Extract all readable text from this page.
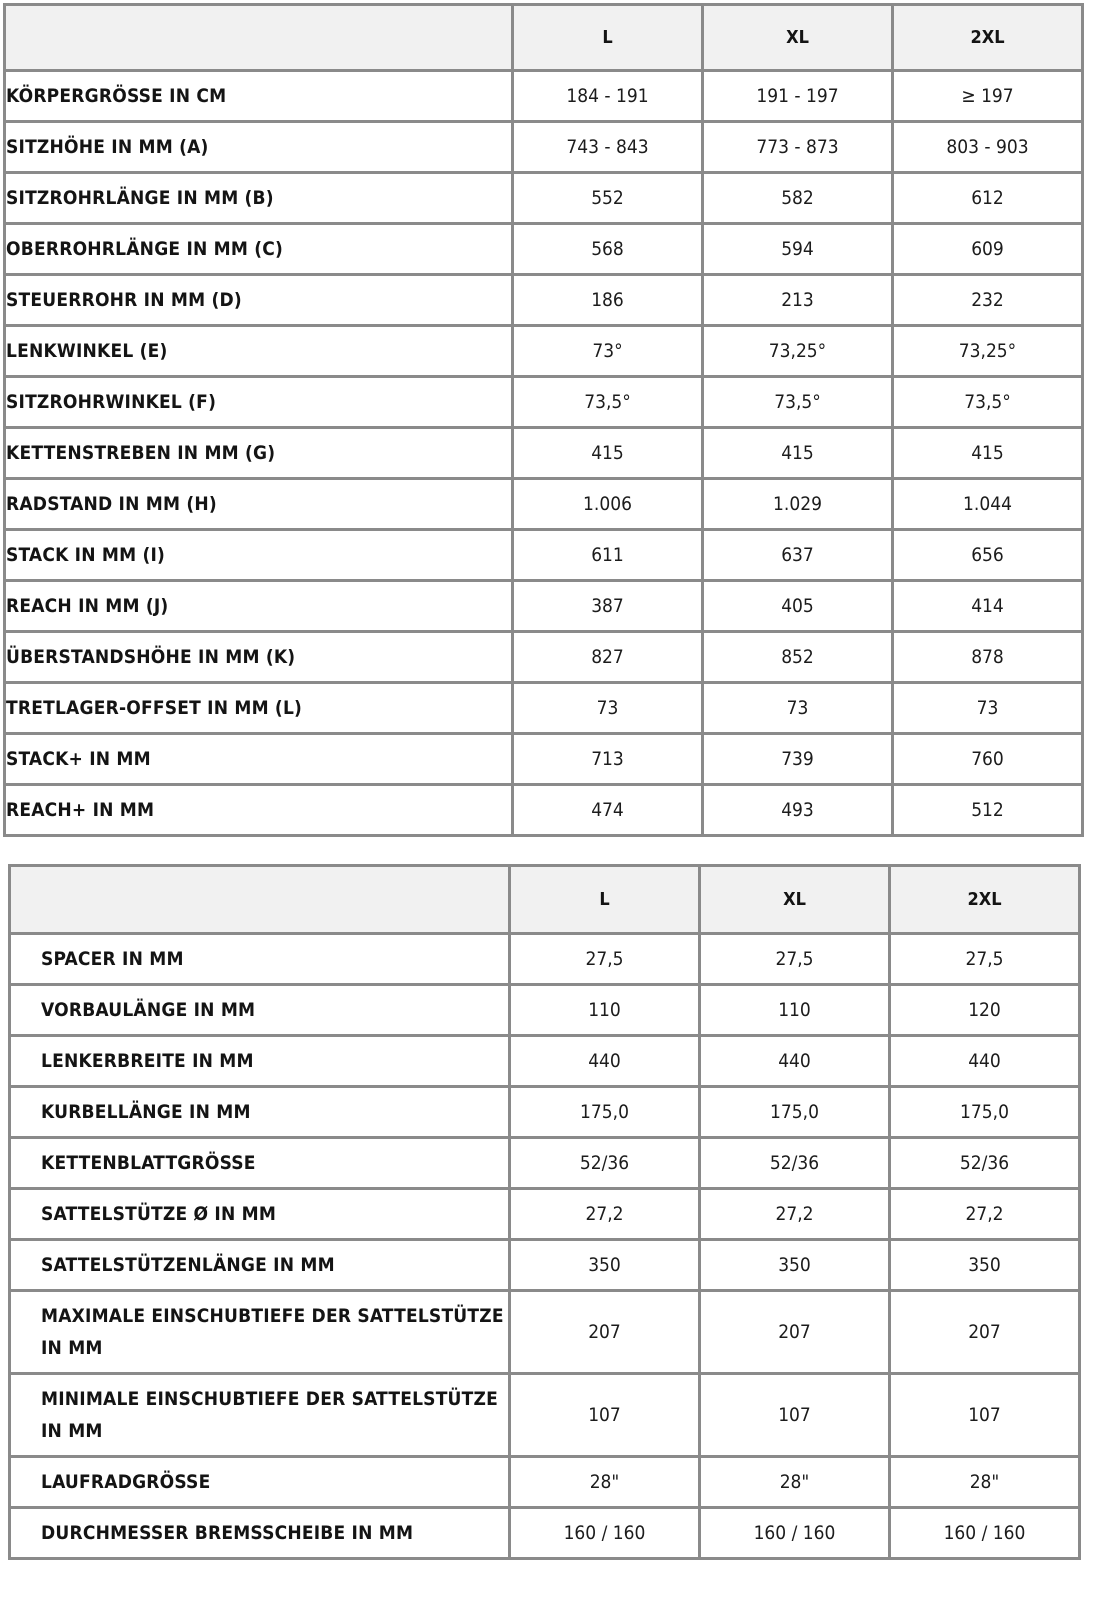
	L	XL	2XL
KÖRPERGRÖSSE IN CM	184 - 191	191 - 197	≥ 197
SITZHÖHE IN MM (A)	743 - 843	773 - 873	803 - 903
SITZROHRLÄNGE IN MM (B)	552	582	612
OBERROHRLÄNGE IN MM (C)	568	594	609
STEUERROHR IN MM (D)	186	213	232
LENKWINKEL (E)	73°	73,25°	73,25°
SITZROHRWINKEL (F)	73,5°	73,5°	73,5°
KETTENSTREBEN IN MM (G)	415	415	415
RADSTAND IN MM (H)	1.006	1.029	1.044
STACK IN MM (I)	611	637	656
REACH IN MM (J)	387	405	414
ÜBERSTANDSHÖHE IN MM (K)	827	852	878
TRETLAGER-OFFSET IN MM (L)	73	73	73
STACK+ IN MM	713	739	760
REACH+ IN MM	474	493	512
	L	XL	2XL
SPACER IN MM	27,5	27,5	27,5
VORBAULÄNGE IN MM	110	110	120
LENKERBREITE IN MM	440	440	440
KURBELLÄNGE IN MM	175,0	175,0	175,0
KETTENBLATTGRÖSSE	52/36	52/36	52/36
SATTELSTÜTZE Ø IN MM	27,2	27,2	27,2
SATTELSTÜTZENLÄNGE IN MM	350	350	350
MAXIMALE EINSCHUBTIEFE DER SATTELSTÜTZE IN MM	207	207	207
MINIMALE EINSCHUBTIEFE DER SATTELSTÜTZE IN MM	107	107	107
LAUFRADGRÖSSE	28"	28"	28"
DURCHMESSER BREMSSCHEIBE IN MM	160 / 160	160 / 160	160 / 160
